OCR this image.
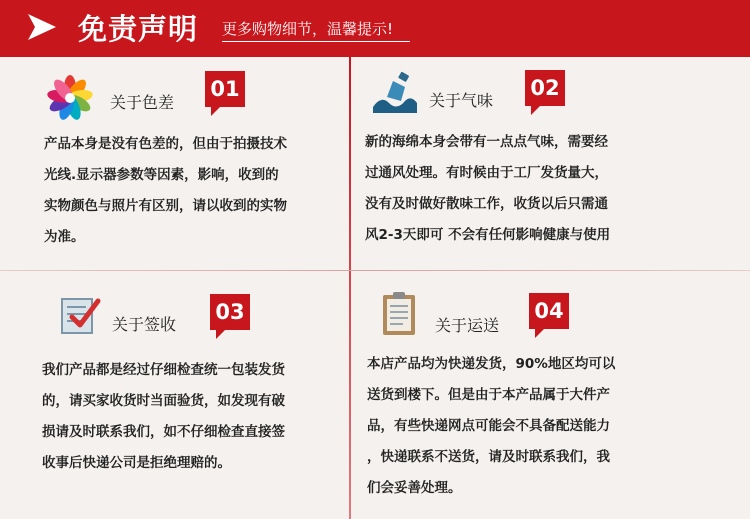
免责声明 更多购物细节，温馨提示!
关于色差
01
产品本身是没有色差的，但由于拍摄技术
光线.显示器参数等因素，影响，收到的
实物颜色与照片有区别，请以收到的实物
为准。
关于气味
02
新的海绵本身会带有一点点气味，需要经
过通风处理。有时候由于工厂发货量大，
没有及时做好散味工作，收货以后只需通
风2-3天即可 不会有任何影响健康与使用
关于签收
03
我们产品都是经过仔细检查统一包装发货
的，请买家收货时当面验货，如发现有破
损请及时联系我们，如不仔细检查直接签
收事后快递公司是拒绝理赔的。
关于运送
04
本店产品均为快递发货，90%地区均可以
送货到楼下。但是由于本产品属于大件产
品，有些快递网点可能会不具备配送能力
，快递联系不送货，请及时联系我们，我
们会妥善处理。
